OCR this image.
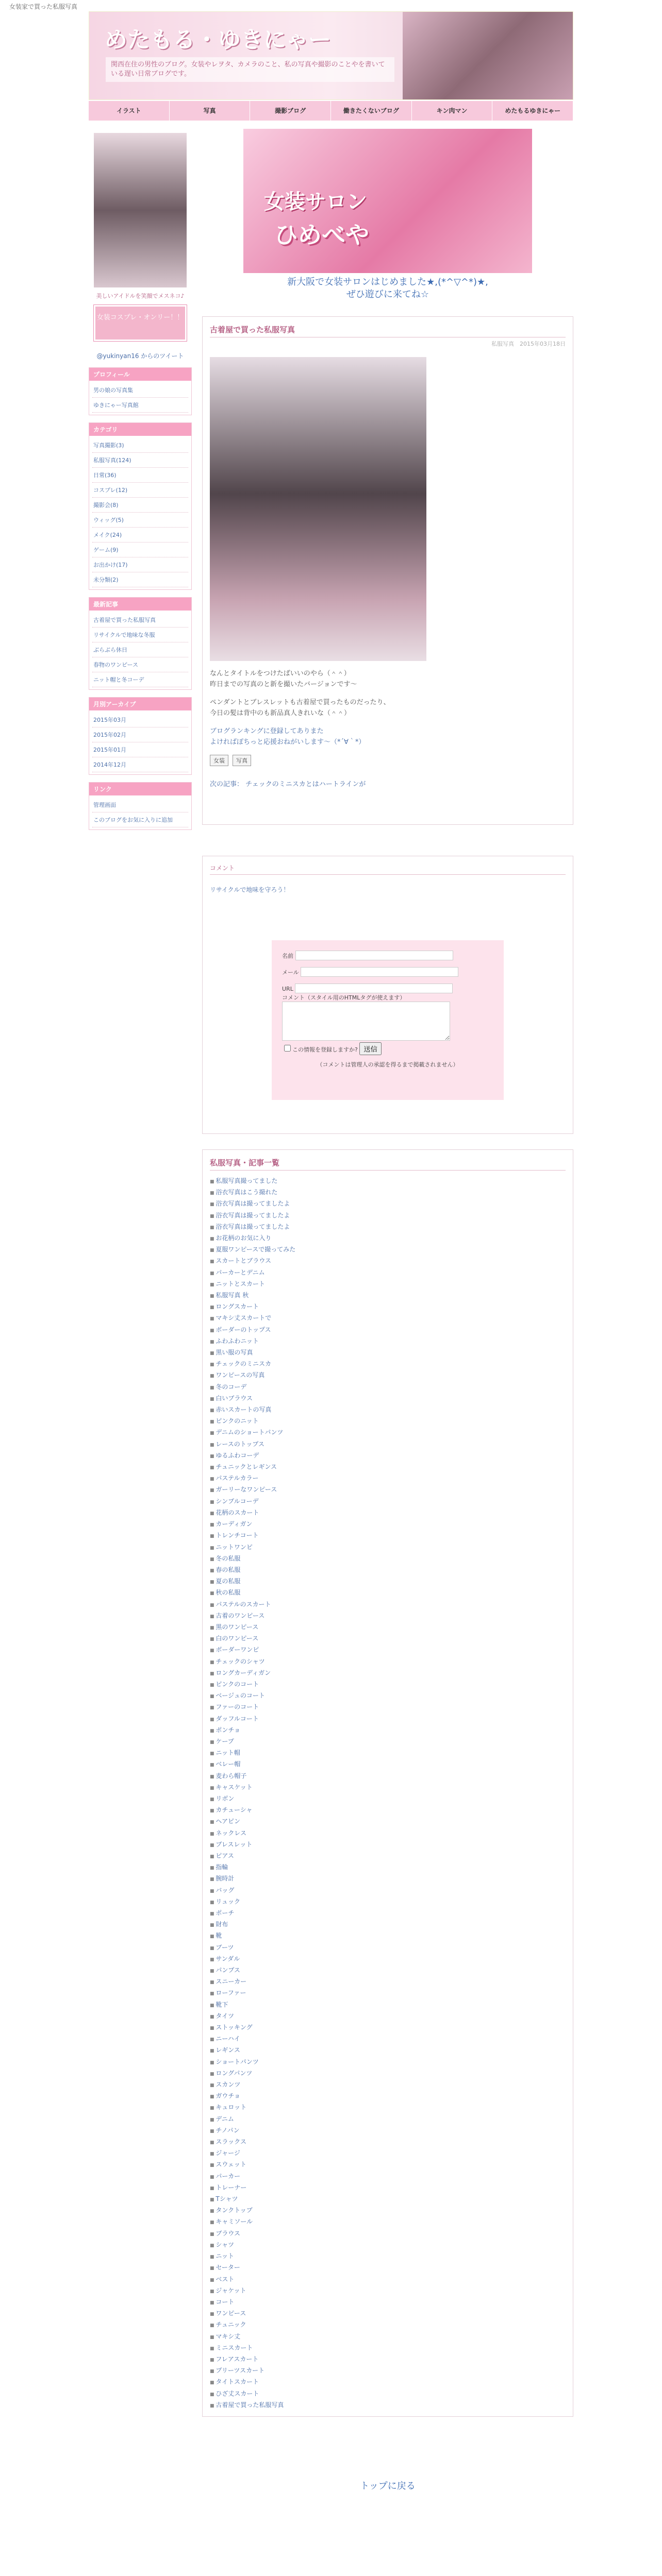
女装家で買った私服写真
めたもる・ゆきにゃー
関西在住の男性のブログ。女装やレヲタ、カメラのこと、私の写真や撮影のことやを書いている遅い日常ブログです。
イラスト	写真	撮影ブログ	働きたくないブログ	キン肉マン	めたもるゆきにゃー
美しいアイドルを笑顔でメスネコ♪
女装コスプレ・オンリー！！
@yukinyan16 からのツイート
プロフィール
男の娘の写真集
ゆきにゃー写真館
カテゴリ
写真撮影(3)
私服写真(124)
日常(36)
コスプレ(12)
撮影会(8)
ウィッグ(5)
メイク(24)
ゲーム(9)
お出かけ(17)
未分類(2)
最新記事
古着屋で買った私服写真
リサイクルで地味な冬服
ぶらぶら休日
春物のワンピース
ニット帽と冬コーデ
月別アーカイブ
2015年03月
2015年02月
2015年01月
2014年12月
リンク
管理画面
このブログをお気に入りに追加
女装サロン
ひめべや
新大阪で女装サロンはじめました★,(*^▽^*)★,
ぜひ遊びに来てね☆
古着屋で買った私服写真
私服写真　 2015年03月18日

なんとタイトルをつけたばいいのやら（＾＾）
昨日までの写真のと新を撮いたバージョンです〜

ペンダントとブレスレットも古着屋で買ったものだったり、
今日の髪は背中のも新品真人きれいな（＾＾）

ブログランキングに登録してありまた
よければぽちっと応援おねがいします〜（*´∀｀*）

女装 写真
次の記事： チェックのミニスカとはハートラインが
コメント
リサイクルで地味を守ろう！
名前

メール

URL
コメント（スタイル用のHTMLタグが使えます）

この情報を登録しますか? 送信
（コメントは管理人の承認を得るまで掲載されません）
私服写真・記事一覧
■ 私服写真撮ってました
■ 浴衣写真はこう撮れた
■ 浴衣写真は撮ってましたよ
■ 浴衣写真は撮ってましたよ
■ 浴衣写真は撮ってましたよ
■ お花柄のお気に入り
■ 夏服ワンピースで撮ってみた
■ スカートとブラウス
■ パーカーとデニム
■ ニットとスカート
■ 私服写真 秋
■ ロングスカート
■ マキシ丈スカートで
■ ボーダーのトップス
■ ふわふわニット
■ 黒い服の写真
■ チェックのミニスカ
■ ワンピースの写真
■ 冬のコーデ
■ 白いブラウス
■ 赤いスカートの写真
■ ピンクのニット
■ デニムのショートパンツ
■ レースのトップス
■ ゆるふわコーデ
■ チュニックとレギンス
■ パステルカラー
■ ガーリーなワンピース
■ シンプルコーデ
■ 花柄のスカート
■ カーディガン
■ トレンチコート
■ ニットワンピ
■ 冬の私服
■ 春の私服
■ 夏の私服
■ 秋の私服
■ パステルのスカート
■ 古着のワンピース
■ 黒のワンピース
■ 白のワンピース
■ ボーダーワンピ
■ チェックのシャツ
■ ロングカーディガン
■ ピンクのコート
■ ベージュのコート
■ ファーのコート
■ ダッフルコート
■ ポンチョ
■ ケープ
■ ニット帽
■ ベレー帽
■ 麦わら帽子
■ キャスケット
■ リボン
■ カチューシャ
■ ヘアピン
■ ネックレス
■ ブレスレット
■ ピアス
■ 指輪
■ 腕時計
■ バッグ
■ リュック
■ ポーチ
■ 財布
■ 靴
■ ブーツ
■ サンダル
■ パンプス
■ スニーカー
■ ローファー
■ 靴下
■ タイツ
■ ストッキング
■ ニーハイ
■ レギンス
■ ショートパンツ
■ ロングパンツ
■ スカンツ
■ ガウチョ
■ キュロット
■ デニム
■ チノパン
■ スラックス
■ ジャージ
■ スウェット
■ パーカー
■ トレーナー
■ Tシャツ
■ タンクトップ
■ キャミソール
■ ブラウス
■ シャツ
■ ニット
■ セーター
■ ベスト
■ ジャケット
■ コート
■ ワンピース
■ チュニック
■ マキシ丈
■ ミニスカート
■ フレアスカート
■ プリーツスカート
■ タイトスカート
■ ひざ丈スカート
■ 古着屋で買った私服写真
トップに戻る
